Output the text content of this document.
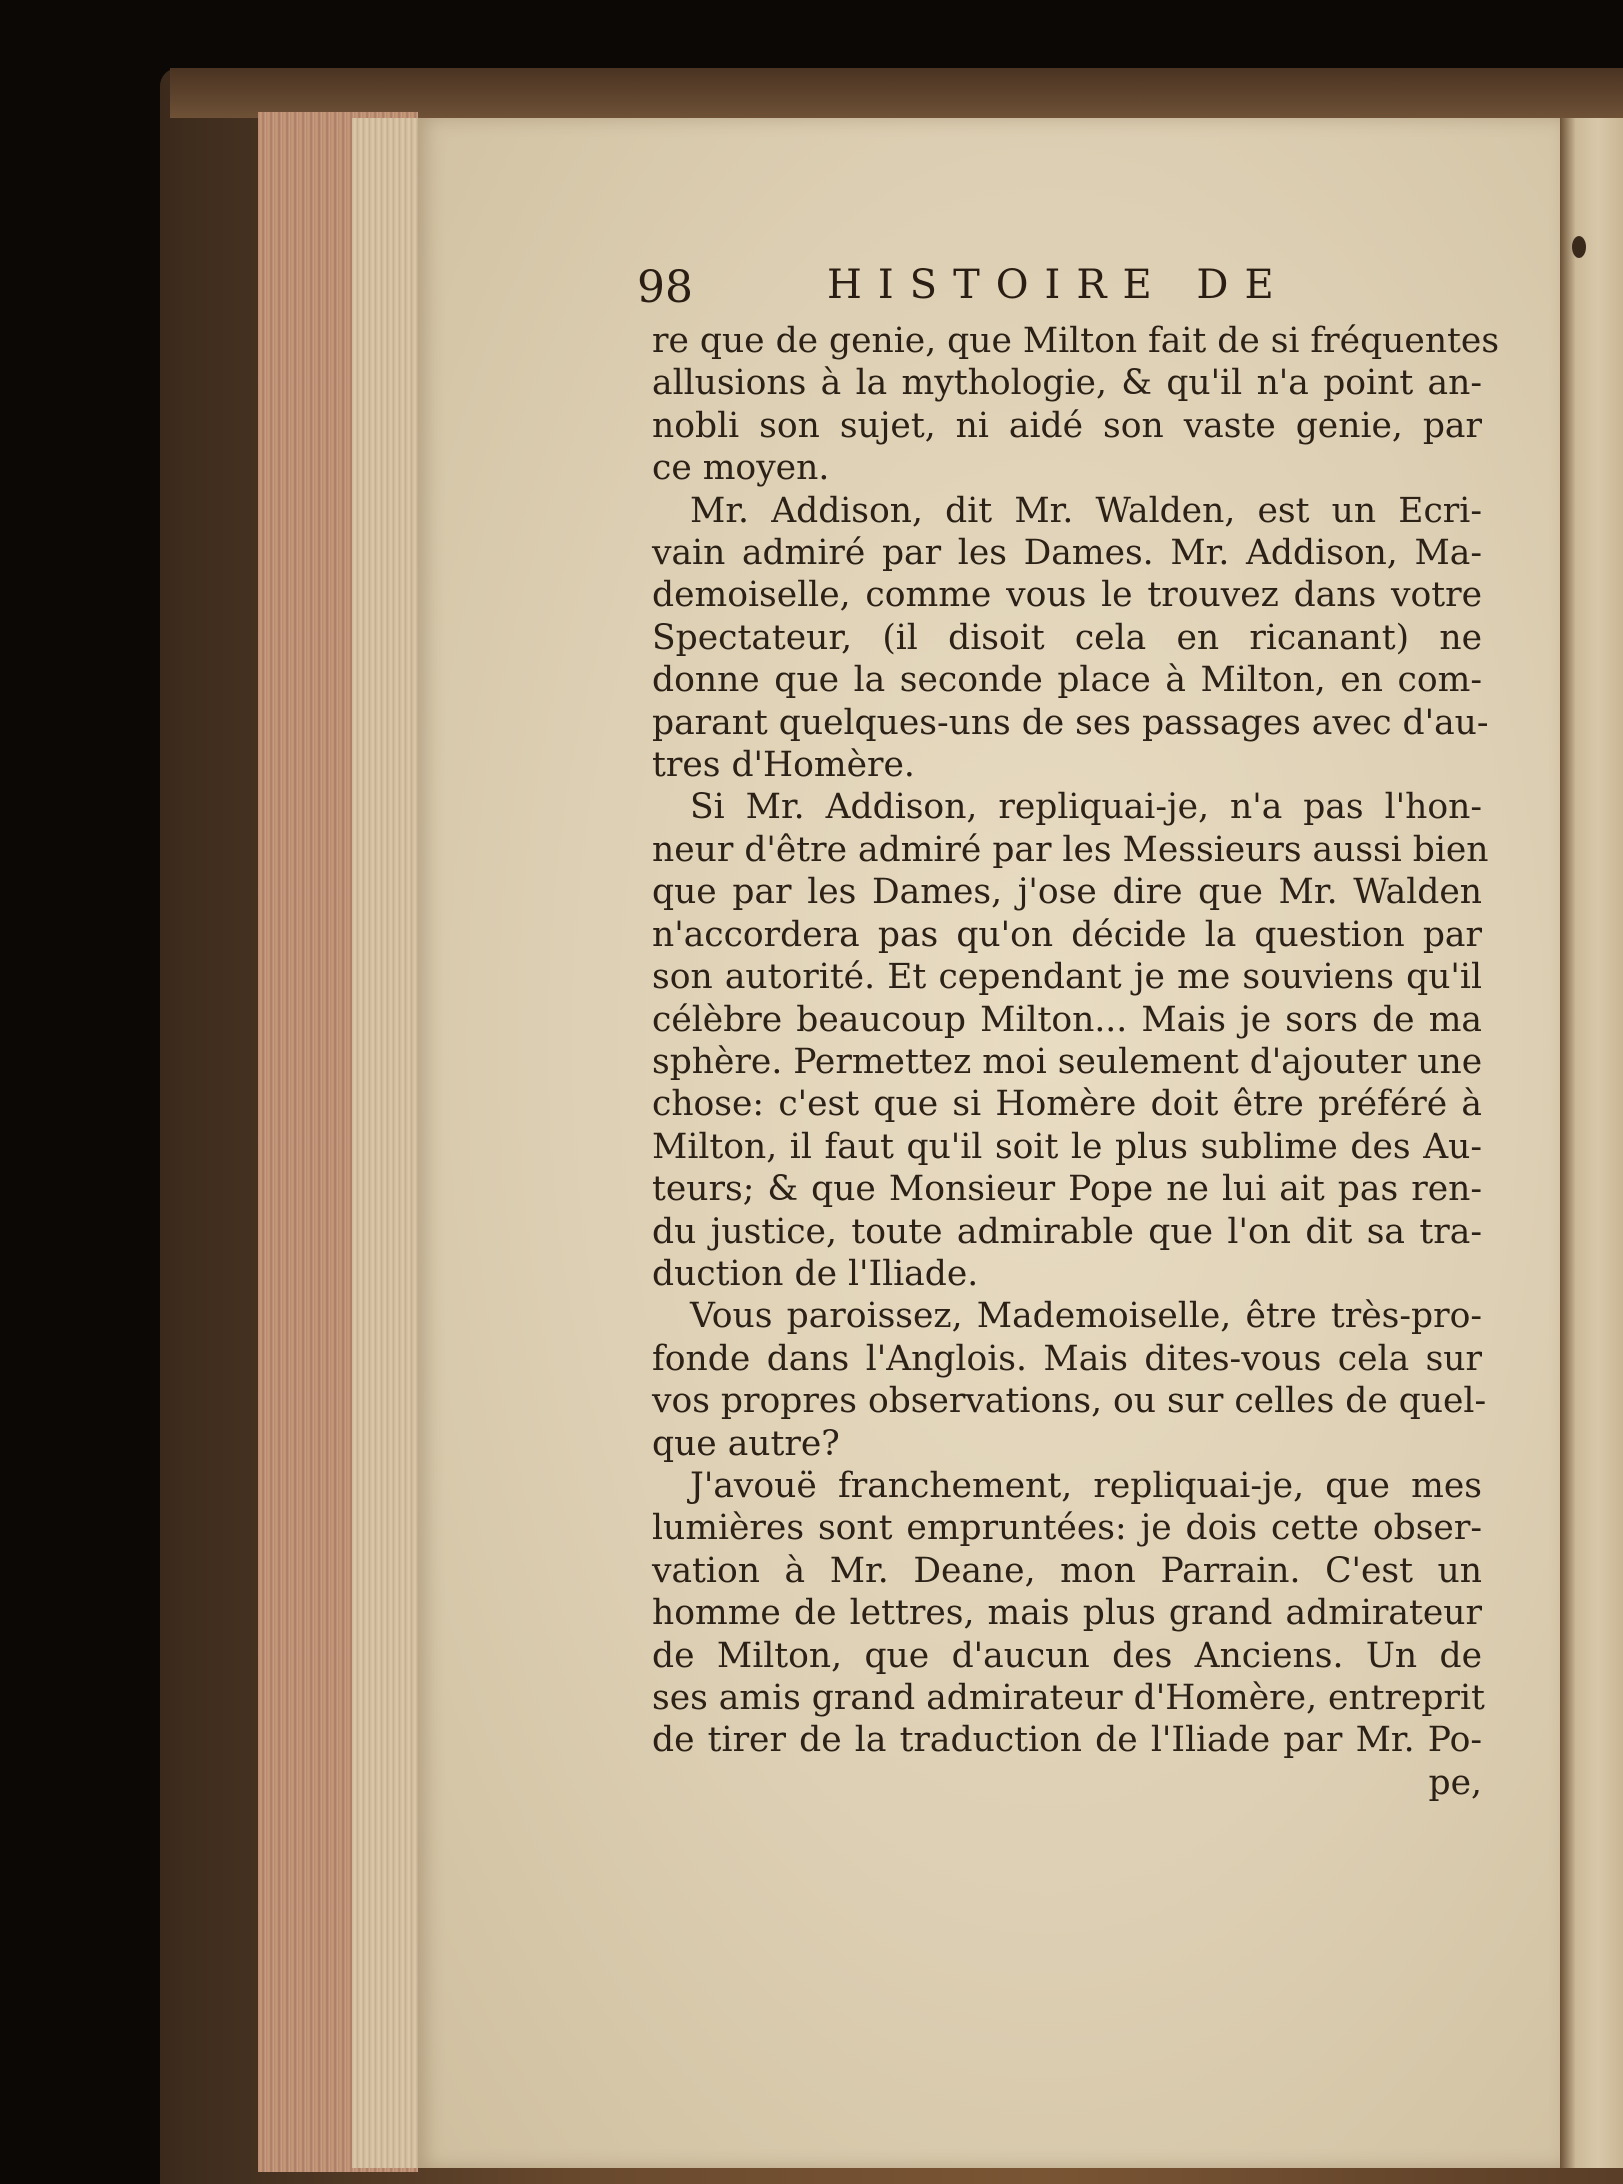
98	HISTOIRE DE
re que de genie, que Milton fait de si fréquentes
allusions à la mythologie, & qu'il n'a point an-
nobli son sujet, ni aidé son vaste genie, par
ce moyen.
Mr. Addison, dit Mr. Walden, est un Ecri-
vain admiré par les Dames. Mr. Addison, Ma-
demoiselle, comme vous le trouvez dans votre
Spectateur, (il disoit cela en ricanant) ne
donne que la seconde place à Milton, en com-
parant quelques-uns de ses passages avec d'au-
tres d'Homère.
Si Mr. Addison, repliquai-je, n'a pas l'hon-
neur d'être admiré par les Messieurs aussi bien
que par les Dames, j'ose dire que Mr. Walden
n'accordera pas qu'on décide la question par
son autorité. Et cependant je me souviens qu'il
célèbre beaucoup Milton... Mais je sors de ma
sphère. Permettez moi seulement d'ajouter une
chose: c'est que si Homère doit être préféré à
Milton, il faut qu'il soit le plus sublime des Au-
teurs; & que Monsieur Pope ne lui ait pas ren-
du justice, toute admirable que l'on dit sa tra-
duction de l'Iliade.
Vous paroissez, Mademoiselle, être très-pro-
fonde dans l'Anglois. Mais dites-vous cela sur
vos propres observations, ou sur celles de quel-
que autre?
J'avouë franchement, repliquai-je, que mes
lumières sont empruntées: je dois cette obser-
vation à Mr. Deane, mon Parrain. C'est un
homme de lettres, mais plus grand admirateur
de Milton, que d'aucun des Anciens. Un de
ses amis grand admirateur d'Homère, entreprit
de tirer de la traduction de l'Iliade par Mr. Po-
pe,
